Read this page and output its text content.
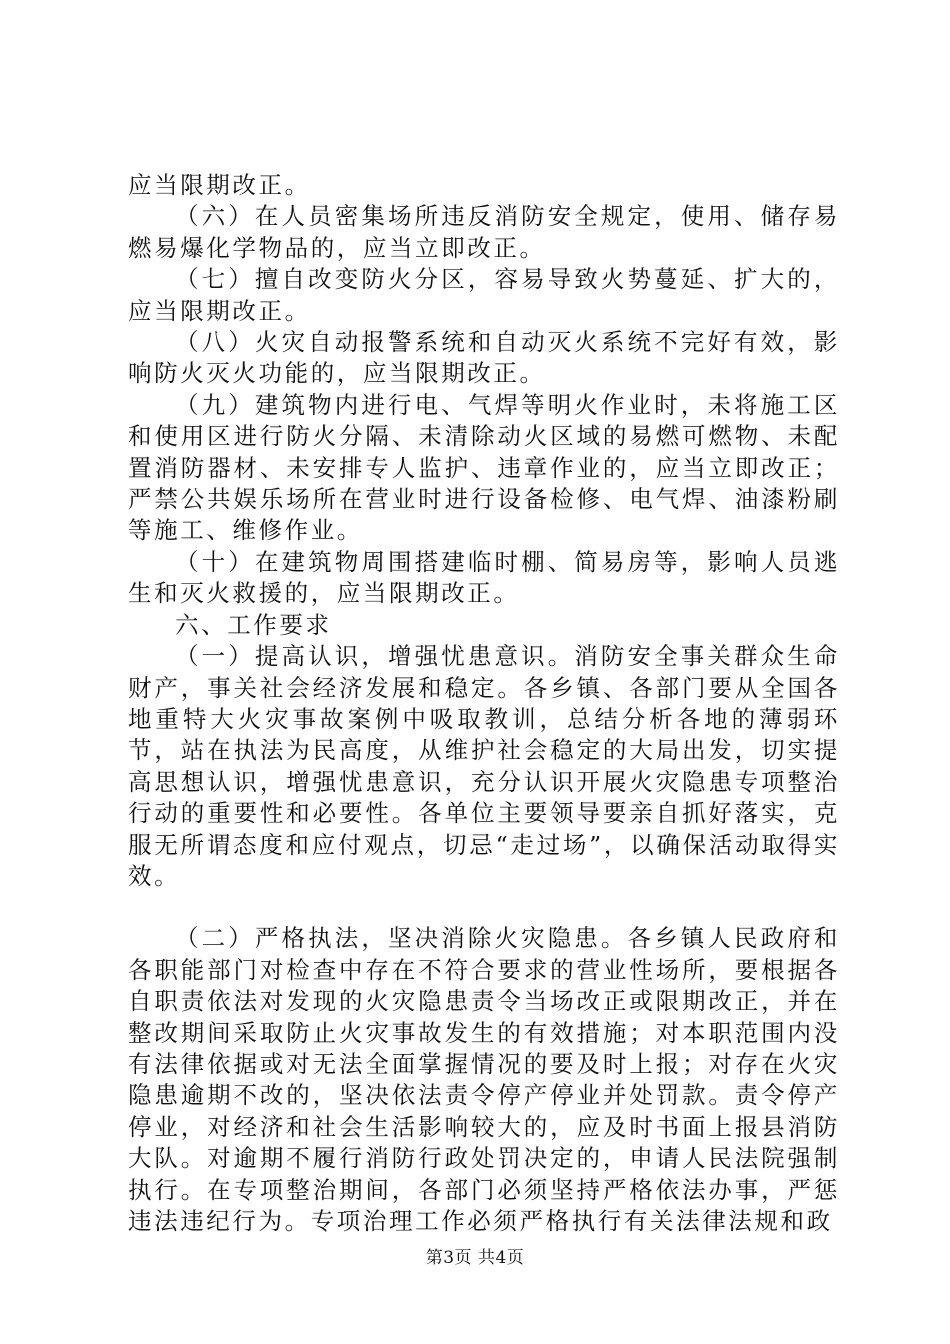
应当限期改正。

（六）在人员密集场所违反消防安全规定，使用、储存易燃易爆化学物品的，应当立即改正。

（七）擅自改变防火分区，容易导致火势蔓延、扩大的，应当限期改正。

（八）火灾自动报警系统和自动灭火系统不完好有效，影响防火灭火功能的，应当限期改正。

（九）建筑物内进行电、气焊等明火作业时，未将施工区和使用区进行防火分隔、未清除动火区域的易燃可燃物、未配置消防器材、未安排专人监护、违章作业的，应当立即改正；严禁公共娱乐场所在营业时进行设备检修、电气焊、油漆粉刷等施工、维修作业。

（十）在建筑物周围搭建临时棚、简易房等，影响人员逃生和灭火救援的，应当限期改正。

六、工作要求

（一）提高认识，增强忧患意识。消防安全事关群众生命财产，事关社会经济发展和稳定。各乡镇、各部门要从全国各地重特大火灾事故案例中吸取教训，总结分析各地的薄弱环节，站在执法为民高度，从维护社会稳定的大局出发，切实提高思想认识，增强忧患意识，充分认识开展火灾隐患专项整治行动的重要性和必要性。各单位主要领导要亲自抓好落实，克服无所谓态度和应付观点，切忌“走过场”，以确保活动取得实效。

（二）严格执法，坚决消除火灾隐患。各乡镇人民政府和各职能部门对检查中存在不符合要求的营业性场所，要根据各自职责依法对发现的火灾隐患责令当场改正或限期改正，并在整改期间采取防止火灾事故发生的有效措施；对本职范围内没有法律依据或对无法全面掌握情况的要及时上报；对存在火灾隐患逾期不改的，坚决依法责令停产停业并处罚款。责令停产停业，对经济和社会生活影响较大的，应及时书面上报县消防大队。对逾期不履行消防行政处罚决定的，申请人民法院强制执行。在专项整治期间，各部门必须坚持严格依法办事，严惩违法违纪行为。专项治理工作必须严格执行有关法律法规和政

第3页 共4页
